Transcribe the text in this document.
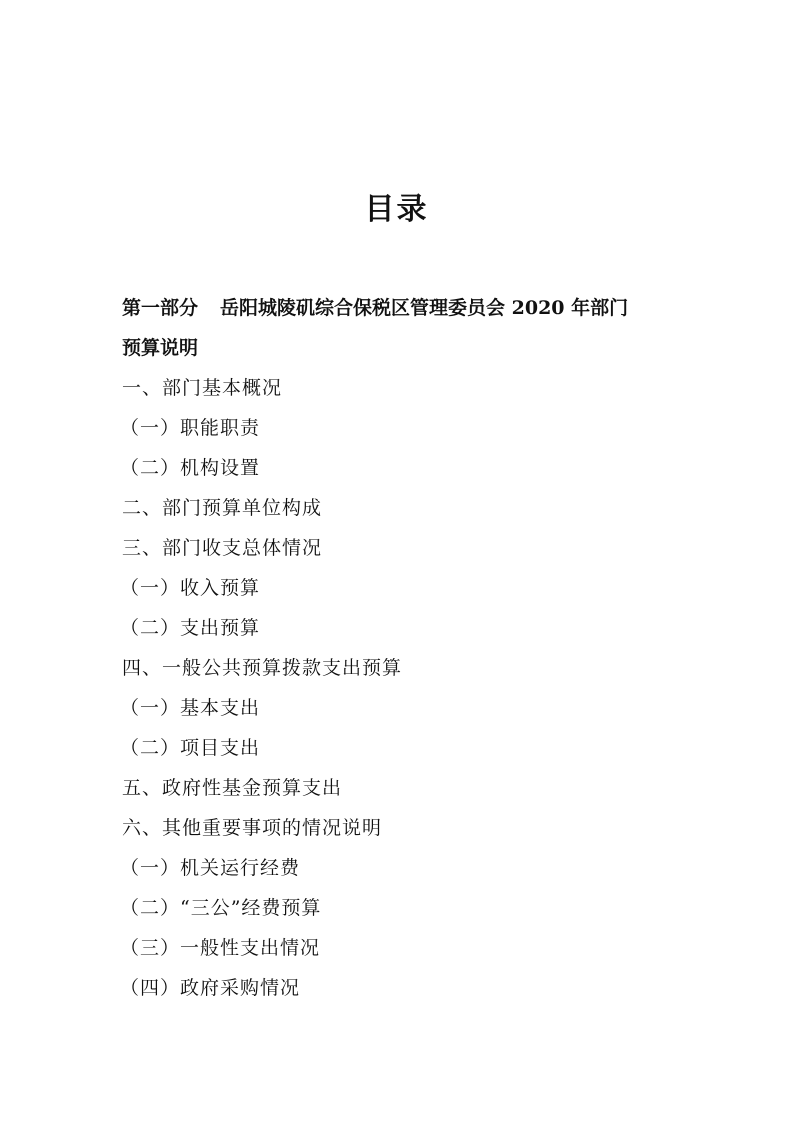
目录
第一部分 岳阳城陵矶综合保税区管理委员会 2020 年部门
预算说明
一、部门基本概况
（一）职能职责
（二）机构设置
二、部门预算单位构成
三、部门收支总体情况
（一）收入预算
（二）支出预算
四、一般公共预算拨款支出预算
（一）基本支出
（二）项目支出
五、政府性基金预算支出
六、其他重要事项的情况说明
（一）机关运行经费
（二）“三公”经费预算
（三）一般性支出情况
（四）政府采购情况
